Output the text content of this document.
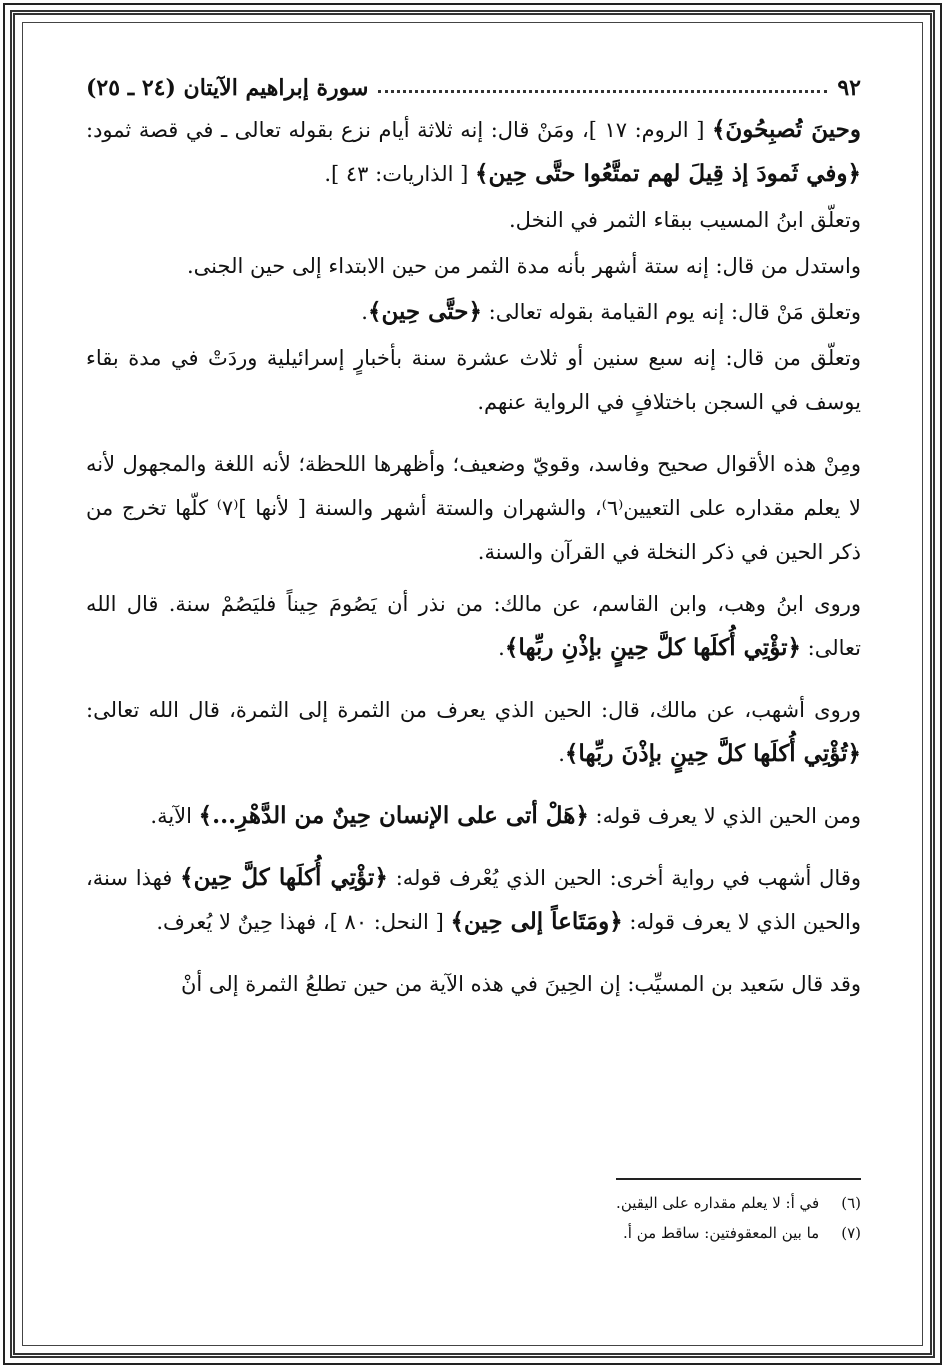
٩٢
سورة إبراهيم الآيتان (٢٤ ـ ٢٥)

وحينَ تُصبِحُونَ﴾ [ الروم: ١٧ ]، ومَنْ قال: إنه ثلاثة أيام نزع بقوله تعالى ـ في قصة ثمود: ﴿وفي ثَمودَ إذ قِيلَ لهم تمتَّعُوا حتَّى حِين﴾ [ الذاريات: ٤٣ ].

وتعلّق ابنُ المسيب ببقاء الثمر في النخل.

واستدل من قال: إنه ستة أشهر بأنه مدة الثمر من حين الابتداء إلى حين الجنى.

وتعلق مَنْ قال: إنه يوم القيامة بقوله تعالى: ﴿حتَّى حِين﴾.

وتعلّق من قال: إنه سبع سنين أو ثلاث عشرة سنة بأخبارٍ إسرائيلية وردَتْ في مدة بقاء يوسف في السجن باختلافٍ في الرواية عنهم.

ومِنْ هذه الأقوال صحيح وفاسد، وقويّ وضعيف؛ وأظهرها اللحظة؛ لأنه اللغة والمجهول لأنه لا يعلم مقداره على التعيين⁽٦⁾، والشهران والستة أشهر والسنة [ لأنها ]⁽٧⁾ كلّها تخرج من ذكر الحين في ذكر النخلة في القرآن والسنة.

وروى ابنُ وهب، وابن القاسم، عن مالك: من نذر أن يَصُومَ حِيناً فليَصُمْ سنة. قال الله تعالى: ﴿تؤْتِي أُكلَها كلَّ حِينٍ بإذْنِ ربِّها﴾.

وروى أشهب، عن مالك، قال: الحين الذي يعرف من الثمرة إلى الثمرة، قال الله تعالى: ﴿تُؤْتِي أُكلَها كلَّ حِينٍ بإذْنَ ربِّها﴾.

ومن الحين الذي لا يعرف قوله: ﴿هَلْ أتى على الإنسان حِينٌ من الدَّهْرِ...﴾ الآية.

وقال أشهب في رواية أخرى: الحين الذي يُعْرف قوله: ﴿تؤْتِي أُكلَها كلَّ حِين﴾ فهذا سنة، والحين الذي لا يعرف قوله: ﴿ومَتَاعاً إلى حِين﴾ [ النحل: ٨٠ ]، فهذا حِينٌ لا يُعرف.

وقد قال سَعيد بن المسيِّب: إن الحِينَ في هذه الآية من حين تطلعُ الثمرة إلى أنْ

(٦)
في أ: لا يعلم مقداره على اليقين.
(٧)
ما بين المعقوفتين: ساقط من أ.
